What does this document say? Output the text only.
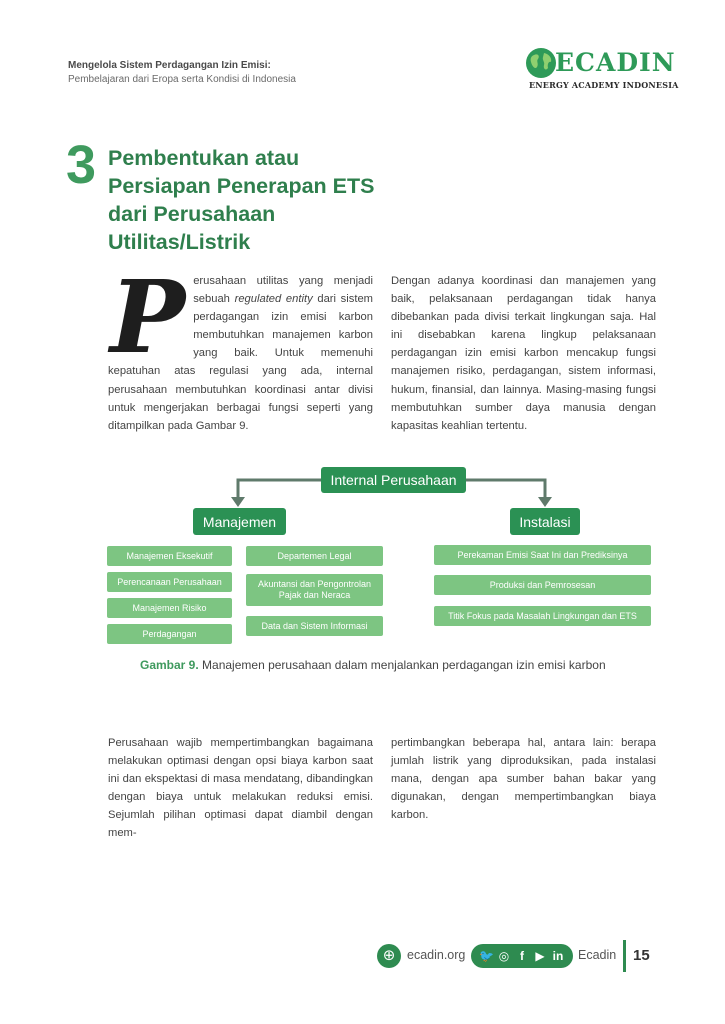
Mengelola Sistem Perdagangan Izin Emisi:
Pembelajaran dari Eropa serta Kondisi di Indonesia
ECADIN
ENERGY ACADEMY INDONESIA
3 Pembentukan atau Persiapan Penerapan ETS dari Perusahaan Utilitas/Listrik
P erusahaan utilitas yang menjadi sebuah regulated entity dari sistem perdagangan izin emisi karbon membutuhkan manajemen karbon yang baik. Untuk memenuhi kepatuhan atas regulasi yang ada, internal perusahaan membutuhkan koordinasi antar divisi untuk mengerjakan berbagai fungsi seperti yang ditampilkan pada Gambar 9.

Dengan adanya koordinasi dan manajemen yang baik, pelaksanaan perdagangan tidak hanya dibebankan pada divisi terkait lingkungan saja. Hal ini disebabkan karena lingkup pelaksanaan perdagangan izin emisi karbon mencakup fungsi manajemen risiko, perdagangan, sistem informasi, hukum, finansial, dan lainnya. Masing-masing fungsi membutuhkan sumber daya manusia dengan kapasitas keahlian tertentu.

Internal Perusahaan
Manajemen	Instalasi
Manajemen Eksekutif
Perencanaan Perusahaan
Manajemen Risiko
Perdagangan
Departemen Legal
Akuntansi dan Pengontrolan Pajak dan Neraca
Data dan Sistem Informasi
Perekaman Emisi Saat Ini dan Prediksinya
Produksi dan Pemrosesan
Titik Fokus pada Masalah Lingkungan dan ETS
Gambar 9. Manajemen perusahaan dalam menjalankan perdagangan izin emisi karbon

Perusahaan wajib mempertimbangkan bagaimana melakukan optimasi dengan opsi biaya karbon saat ini dan ekspektasi di masa mendatang, dibandingkan dengan biaya untuk melakukan reduksi emisi. Sejumlah pilihan optimasi dapat diambil dengan mem-

pertimbangkan beberapa hal, antara lain: berapa jumlah listrik yang diproduksikan, pada instalasi mana, dengan apa sumber bahan bakar yang digunakan, dengan mempertimbangkan biaya karbon.

⊕ ecadin.org 🐦 ◎ f ▶ in Ecadin 15
